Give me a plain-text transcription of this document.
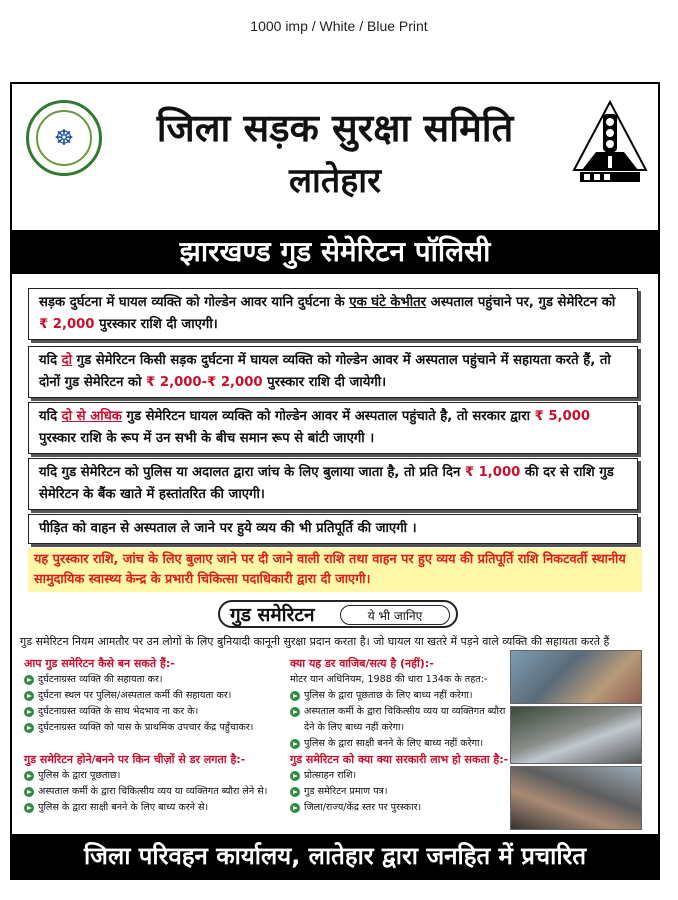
1000 imp / White / Blue Print
☸	जिला सड़क सुरक्षा समिति
लातेहार
झारखण्ड गुड सेमेरिटन पॉलिसी
सड़क दुर्घटना में घायल व्यक्ति को गोल्डेन आवर यानि दुर्घटना के एक घंटे केभीतर अस्पताल पहुंचाने पर, गुड सेमेरिटन को ₹ 2,000 पुरस्कार राशि दी जाएगी।
यदि दो गुड सेमेरिटन किसी सड़क दुर्घटना में घायल व्यक्ति को गोल्डेन आवर में अस्पताल पहुंचाने में सहायता करते हैं, तो दोनों गुड सेमेरिटन को ₹ 2,000-₹ 2,000 पुरस्कार राशि दी जायेगी।
यदि दो से अधिक गुड सेमेरिटन घायल व्यक्ति को गोल्डेन आवर में अस्पताल पहुंचाते है, तो सरकार द्वारा ₹ 5,000 पुरस्कार राशि के रूप में उन सभी के बीच समान रूप से बांटी जाएगी ।
यदि गुड सेमेरिटन को पुलिस या अदालत द्वारा जांच के लिए बुलाया जाता है, तो प्रति दिन ₹ 1,000 की दर से राशि गुड सेमेरिटन के बैंक खाते में हस्तांतरित की जाएगी।
पीड़ित को वाहन से अस्पताल ले जाने पर हुये व्यय की भी प्रतिपूर्ति की जाएगी ।
यह पुरस्कार राशि, जांच के लिए बुलाए जाने पर दी जाने वाली राशि तथा वाहन पर हुए व्यय की प्रतिपूर्ति राशि निकटवर्ती स्थानीय सामुदायिक स्वास्थ्य केन्द्र के प्रभारी चिकित्सा पदाधिकारी द्वारा दी जाएगी।
गुड समेरिटन	ये भी जानिए
गुड समेरिटन नियम आमतौर पर उन लोगों के लिए बुनियादी कानूनी सुरक्षा प्रदान करता है। जो घायल या खतरे में पड़ने वाले व्यक्ति की सहायता करते हैं
आप गुड समेरिटन कैसे बन सकते हैं:-
दुर्घटनाग्रस्त व्यक्ति की सहायता कर।
दुर्घटना स्थल पर पुलिस/अस्पताल कर्मी की सहायता कर।
दुर्घटनाग्रस्त व्यक्ति के साथ भेदभाव ना कर के।
दुर्घटनाग्रस्त व्यक्ति को पास के प्राथमिक उपचार केंद्र पहुँचाकर।
गुड समेरिटन होने/बनने पर किन चीज़ों से डर लगता है:-
पुलिस के द्वारा पूछताछ।
अस्पताल कर्मी के द्वारा चिकित्सीय व्यय या व्यक्तिगत ब्यौरा लेने से।
पुलिस के द्वारा साक्षी बनने के लिए बाध्य करने से।
क्या यह डर वाजिब/सत्य है (नहीं):-
मोटर यान अधिनियम, 1988 की धारा 134क के तहत:-
पुलिस के द्वारा पूछताछ के लिए बाध्य नहीं करेगा।
अस्पताल कर्मी के द्वारा चिकित्सीय व्यय या व्यक्तिगत ब्यौरा देने के लिए बाध्य नहीं करेगा।
पुलिस के द्वारा साक्षी बनने के लिए बाध्य नहीं करेगा।
गुड समेरिटन को क्या क्या सरकारी लाभ हो सकता है:-
प्रोत्साहन राशि।
गुड समेरिटन प्रमाण पत्र।
जिला/राज्य/केंद्र स्तर पर पुरस्कार।
जिला परिवहन कार्यालय, लातेहार द्वारा जनहित में प्रचारित
